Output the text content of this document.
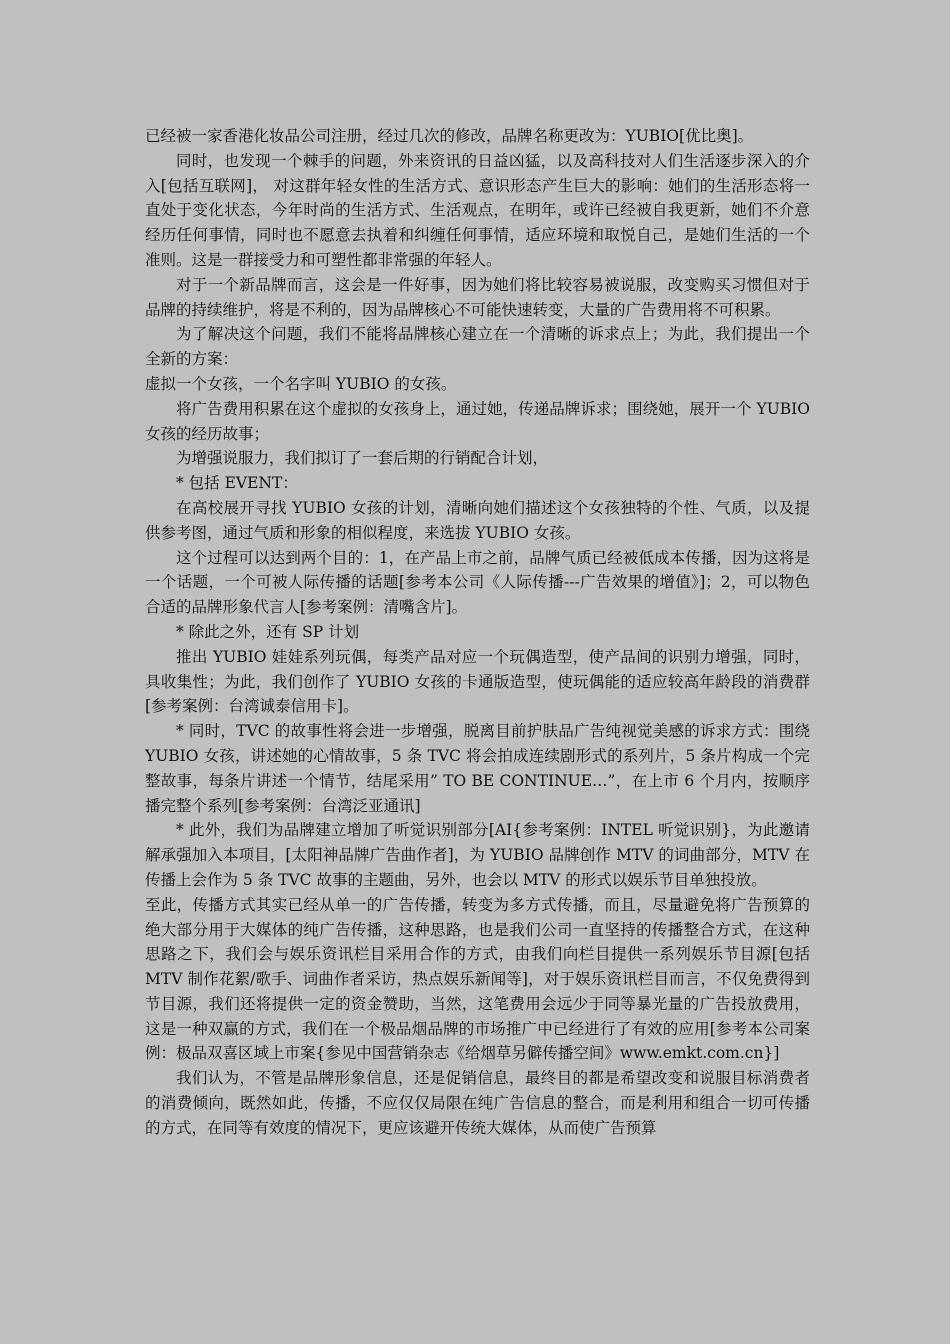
已经被一家香港化妆品公司注册，经过几次的修改，品牌名称更改为：YUBIO[优比奥]。

同时，也发现一个棘手的问题，外来资讯的日益凶猛，以及高科技对人们生活逐步深入的介入[包括互联网]， 对这群年轻女性的生活方式、意识形态产生巨大的影响：她们的生活形态将一直处于变化状态，今年时尚的生活方式、生活观点，在明年，或许已经被自我更新，她们不介意经历任何事情，同时也不愿意去执着和纠缠任何事情，适应环境和取悦自己，是她们生活的一个准则。这是一群接受力和可塑性都非常强的年轻人。

对于一个新品牌而言，这会是一件好事，因为她们将比较容易被说服，改变购买习惯但对于品牌的持续维护，将是不利的，因为品牌核心不可能快速转变，大量的广告费用将不可积累。

为了解决这个问题，我们不能将品牌核心建立在一个清晰的诉求点上；为此，我们提出一个全新的方案：

虚拟一个女孩，一个名字叫 YUBIO 的女孩。

将广告费用积累在这个虚拟的女孩身上，通过她，传递品牌诉求；围绕她，展开一个 YUBIO 女孩的经历故事；

为增强说服力，我们拟订了一套后期的行销配合计划，

* 包括 EVENT：

在高校展开寻找 YUBIO 女孩的计划，清晰向她们描述这个女孩独特的个性、气质，以及提供参考图，通过气质和形象的相似程度，来选拔 YUBIO 女孩。

这个过程可以达到两个目的：1，在产品上市之前，品牌气质已经被低成本传播，因为这将是一个话题，一个可被人际传播的话题[参考本公司《人际传播---广告效果的增值》]；2，可以物色合适的品牌形象代言人[参考案例：清嘴含片]。

* 除此之外，还有 SP 计划

推出 YUBIO 娃娃系列玩偶，每类产品对应一个玩偶造型，使产品间的识别力增强，同时，具收集性；为此，我们创作了 YUBIO 女孩的卡通版造型，使玩偶能的适应较高年龄段的消费群[参考案例：台湾诚泰信用卡]。

* 同时，TVC 的故事性将会进一步增强，脱离目前护肤品广告纯视觉美感的诉求方式：围绕 YUBIO 女孩，讲述她的心情故事，5 条 TVC 将会拍成连续剧形式的系列片，5 条片构成一个完整故事，每条片讲述一个情节，结尾采用” TO BE CONTINUE…”，在上市 6 个月内，按顺序播完整个系列[参考案例：台湾泛亚通讯]

* 此外，我们为品牌建立增加了听觉识别部分[AI{参考案例：INTEL 听觉识别}，为此邀请解承强加入本项目，[太阳神品牌广告曲作者]，为 YUBIO 品牌创作 MTV 的词曲部分，MTV 在传播上会作为 5 条 TVC 故事的主题曲，另外，也会以 MTV 的形式以娱乐节目单独投放。

至此，传播方式其实已经从单一的广告传播，转变为多方式传播，而且，尽量避免将广告预算的绝大部分用于大媒体的纯广告传播，这种思路，也是我们公司一直坚持的传播整合方式，在这种思路之下，我们会与娱乐资讯栏目采用合作的方式，由我们向栏目提供一系列娱乐节目源[包括 MTV 制作花絮/歌手、词曲作者采访，热点娱乐新闻等]，对于娱乐资讯栏目而言，不仅免费得到节目源，我们还将提供一定的资金赞助，当然，这笔费用会远少于同等暴光量的广告投放费用，这是一种双赢的方式，我们在一个极品烟品牌的市场推广中已经进行了有效的应用[参考本公司案例：极品双喜区域上市案{参见中国营销杂志《给烟草另僻传播空间》www.emkt.com.cn}]

我们认为，不管是品牌形象信息，还是促销信息，最终目的都是希望改变和说服目标消费者的消费倾向，既然如此，传播，不应仅仅局限在纯广告信息的整合，而是利用和组合一切可传播的方式，在同等有效度的情况下，更应该避开传统大媒体，从而使广告预算
